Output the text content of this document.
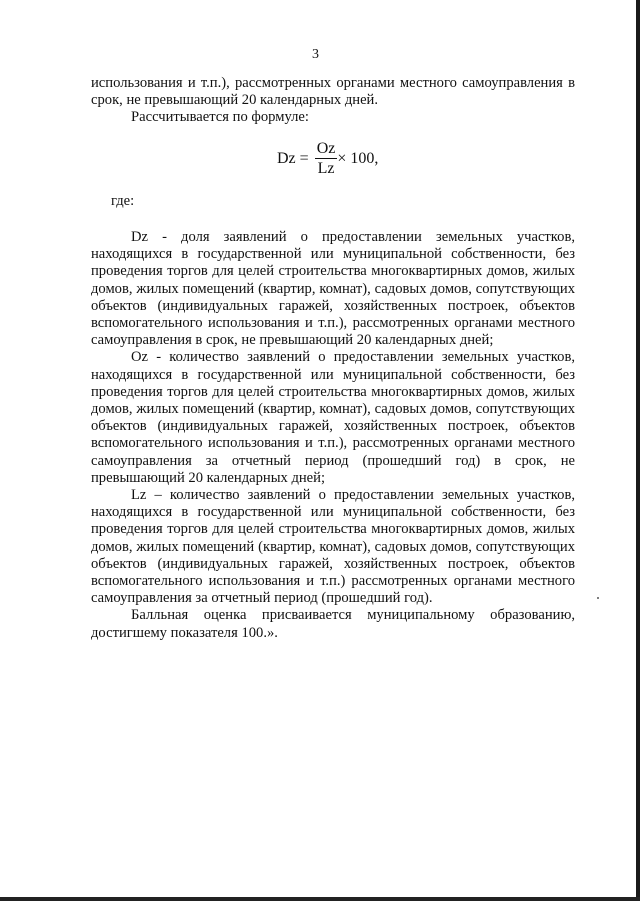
3

использования и т.п.), рассмотренных органами местного самоуправления в срок, не превышающий 20 календарных дней.

Рассчитывается по формуле:

$Dz = \frac{Oz}{Lz} \times 100$,
где:

Dz - доля заявлений о предоставлении земельных участков, находящихся в государственной или муниципальной собственности, без проведения торгов для целей строительства многоквартирных домов, жилых домов, жилых помещений (квартир, комнат), садовых домов, сопутствующих объектов (индивидуальных гаражей, хозяйственных построек, объектов вспомогательного использования и т.п.), рассмотренных органами местного самоуправления в срок, не превышающий 20 календарных дней;

Oz - количество заявлений о предоставлении земельных участков, находящихся в государственной или муниципальной собственности, без проведения торгов для целей строительства многоквартирных домов, жилых домов, жилых помещений (квартир, комнат), садовых домов, сопутствующих объектов (индивидуальных гаражей, хозяйственных построек, объектов вспомогательного использования и т.п.), рассмотренных органами местного самоуправления за отчетный период (прошедший год) в срок, не превышающий 20 календарных дней;

Lz – количество заявлений о предоставлении земельных участков, находящихся в государственной или муниципальной собственности, без проведения торгов для целей строительства многоквартирных домов, жилых домов, жилых помещений (квартир, комнат), садовых домов, сопутствующих объектов (индивидуальных гаражей, хозяйственных построек, объектов вспомогательного использования и т.п.) рассмотренных органами местного самоуправления за отчетный период (прошедший год).

Балльная оценка присваивается муниципальному образованию, достигшему показателя 100.».
